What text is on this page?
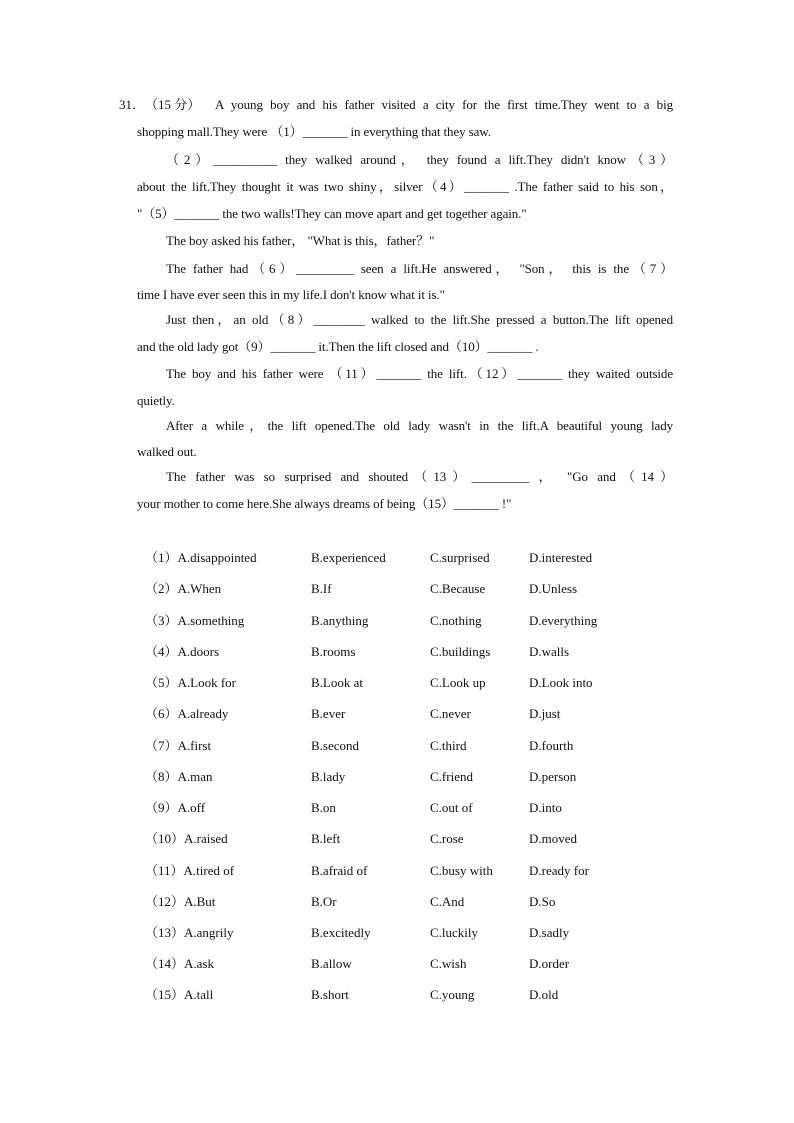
31． （15 分） A young boy and his father visited a city for the first time.They went to a big
shopping mall.They were （1）_______ in everything that they saw.
（2）__________ they walked around， they found a lift.They didn't know（3）
about the lift.They thought it was two shiny，silver（4）_______ .The father said to his son，
"（5）_______ the two walls!They can move apart and get together again."
The boy asked his father， "What is this，father？"
The father had（6）_________ seen a lift.He answered， "Son， this is the（7）
time I have ever seen this in my life.I don't know what it is."
Just then，an old（8）________ walked to the lift.She pressed a button.The lift opened
and the old lady got（9）_______ it.Then the lift closed and（10）_______ .
The boy and his father were （11）_______ the lift.（12）_______ they waited outside
quietly.
After a while，the lift opened.The old lady wasn't in the lift.A beautiful young lady
walked out.
The father was so surprised and shouted（13）_________ ， "Go and（14）
your mother to come here.She always dreams of being（15）_______ !"
（1）A.disappointed	B.experienced	C.surprised	D.interested
（2）A.When	B.If	C.Because	D.Unless
（3）A.something	B.anything	C.nothing	D.everything
（4）A.doors	B.rooms	C.buildings	D.walls
（5）A.Look for	B.Look at	C.Look up	D.Look into
（6）A.already	B.ever	C.never	D.just
（7）A.first	B.second	C.third	D.fourth
（8）A.man	B.lady	C.friend	D.person
（9）A.off	B.on	C.out of	D.into
（10）A.raised	B.left	C.rose	D.moved
（11）A.tired of	B.afraid of	C.busy with	D.ready for
（12）A.But	B.Or	C.And	D.So
（13）A.angrily	B.excitedly	C.luckily	D.sadly
（14）A.ask	B.allow	C.wish	D.order
（15）A.tall	B.short	C.young	D.old
